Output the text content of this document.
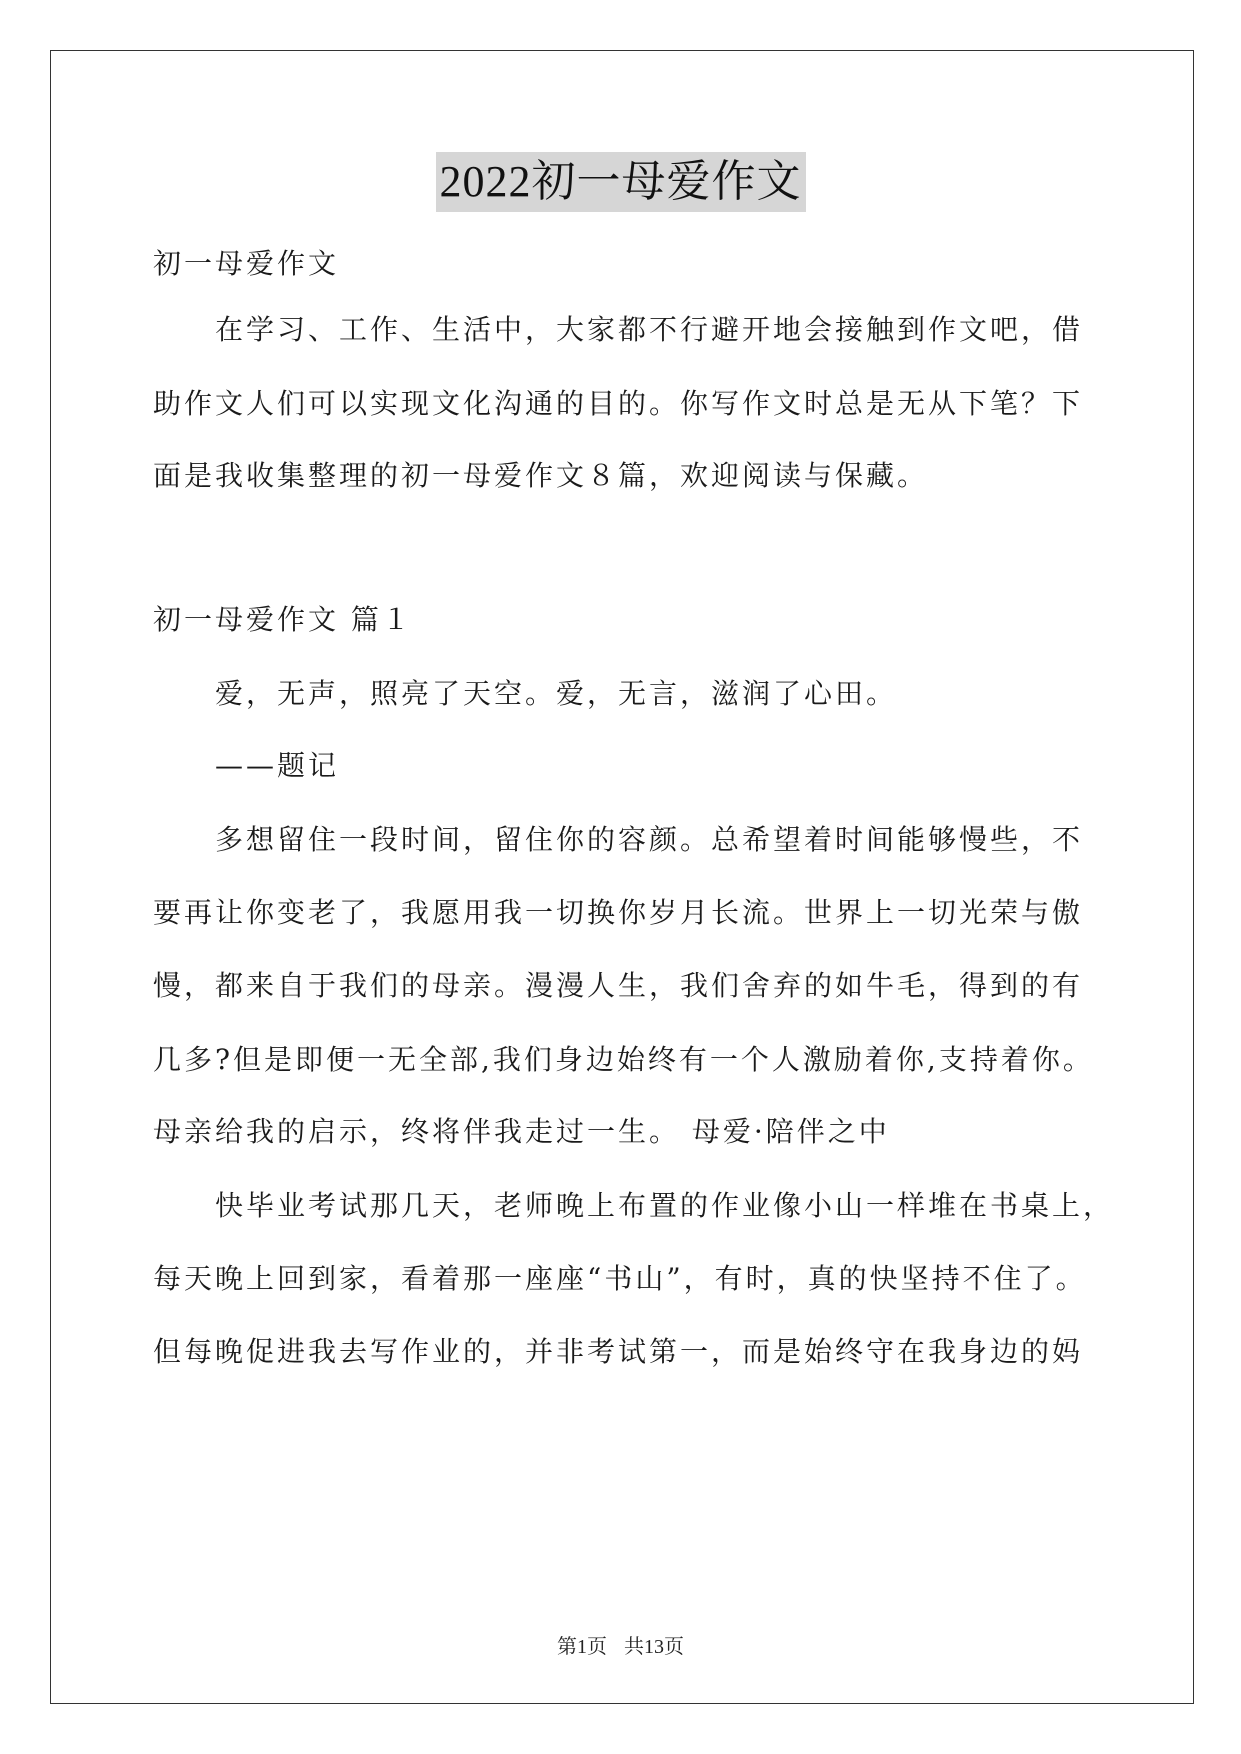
2022初一母爱作文
初一母爱作文
在学习、工作、生活中，大家都不行避开地会接触到作文吧，借
助作文人们可以实现文化沟通的目的。你写作文时总是无从下笔？下
面是我收集整理的初一母爱作文８篇，欢迎阅读与保藏。
初一母爱作文 篇１
爱，无声，照亮了天空。爱，无言，滋润了心田。
——题记
多想留住一段时间，留住你的容颜。总希望着时间能够慢些，不
要再让你变老了，我愿用我一切换你岁月长流。世界上一切光荣与傲
慢，都来自于我们的母亲。漫漫人生，我们舍弃的如牛毛，得到的有
几多?但是即便一无全部,我们身边始终有一个人激励着你,支持着你。
母亲给我的启示，终将伴我走过一生。 母爱·陪伴之中
快毕业考试那几天，老师晚上布置的作业像小山一样堆在书桌上，
每天晚上回到家，看着那一座座“书山”，有时，真的快坚持不住了。
但每晚促进我去写作业的，并非考试第一，而是始终守在我身边的妈
第1页 共13页
